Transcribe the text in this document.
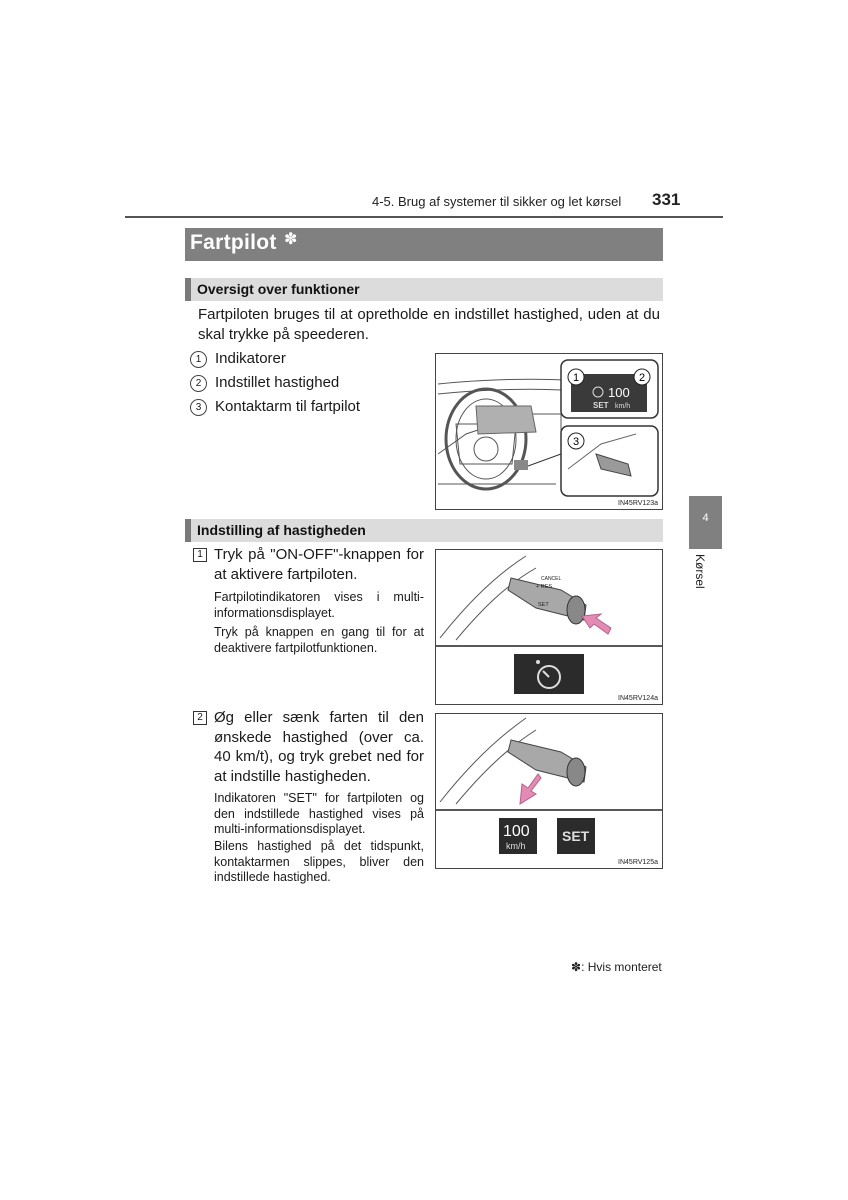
4-5. Brug af systemer til sikker og let kørsel 331
Fartpilot ✽
Oversigt over funktioner
Fartpiloten bruges til at opretholde en indstillet hastighed, uden at du skal trykke på speederen.
1 Indikatorer
2 Indstillet hastighed
3 Kontaktarm til fartpilot
100
SET km/h
1	2
3
IN45RV123a
Indstilling af hastigheden
1 Tryk på "ON-OFF"-knappen for at aktivere fartpiloten.
Fartpilotindikatoren vises i multi-informationsdisplayet.
Tryk på knappen en gang til for at deaktivere fartpilotfunktionen.
CANCEL
+ RES
SET
IN45RV124a
2 Øg eller sænk farten til den ønskede hastighed (over ca. 40 km/t), og tryk grebet ned for at indstille hastigheden.
Indikatoren "SET" for fartpiloten og den indstillede hastighed vises på multi-informationsdisplayet.
Bilens hastighed på det tidspunkt, kontaktarmen slippes, bliver den indstillede hastighed.
100
km/h
SET
IN45RV125a
4
Kørsel
✽: Hvis monteret
